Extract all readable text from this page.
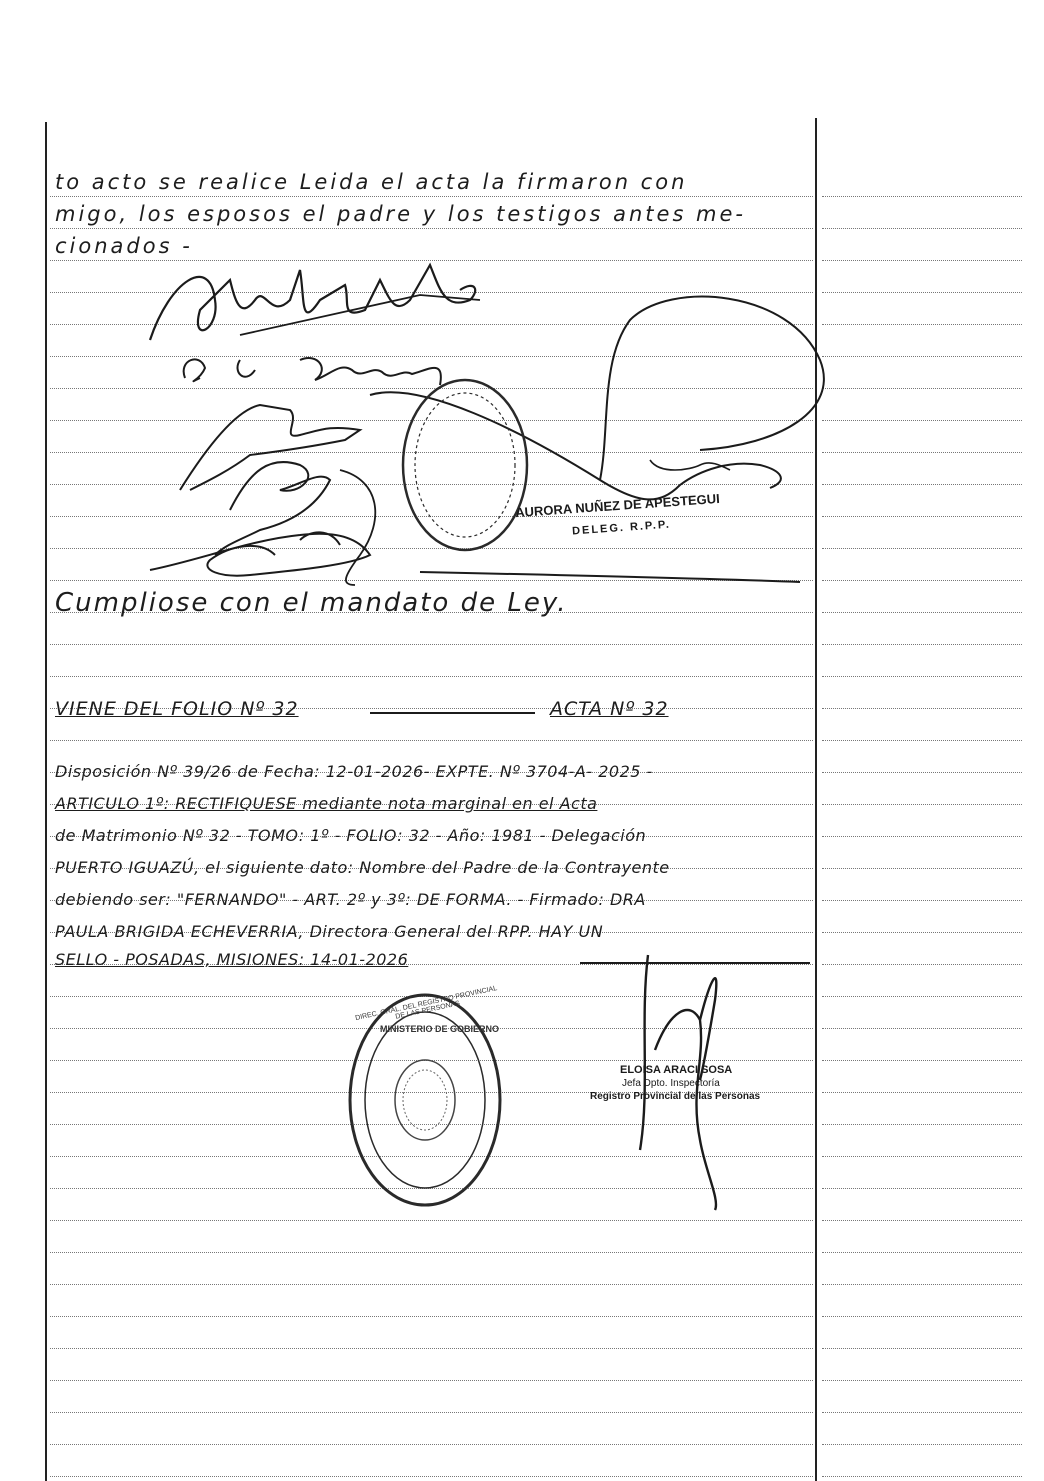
to acto se realice Leida el acta la firmaron con
migo, los esposos el padre y los testigos antes me-
cionados -
Cumpliose con el mandato de Ley.
AURORA NUÑEZ DE APESTEGUI
DELEG. R.P.P.
VIENE DEL FOLIO Nº 32	ACTA Nº 32
Disposición Nº 39/26 de Fecha: 12-01-2026- EXPTE. Nº 3704-A- 2025 -
ARTICULO 1º: RECTIFIQUESE mediante nota marginal en el Acta
de Matrimonio Nº 32 - TOMO: 1º - FOLIO: 32 - Año: 1981 - Delegación
PUERTO IGUAZÚ, el siguiente dato: Nombre del Padre de la Contrayente
debiendo ser: "FERNANDO" - ART. 2º y 3º: DE FORMA. - Firmado: DRA
PAULA BRIGIDA ECHEVERRIA, Directora General del RPP. HAY UN
SELLO - POSADAS, MISIONES: 14-01-2026
DIREC. GRAL. DEL REGISTRO PROVINCIAL DE LAS PERSONAS
MINISTERIO DE GOBIERNO
ELOISA ARACI SOSA
Jefa Dpto. Inspectoría
Registro Provincial de las Personas
